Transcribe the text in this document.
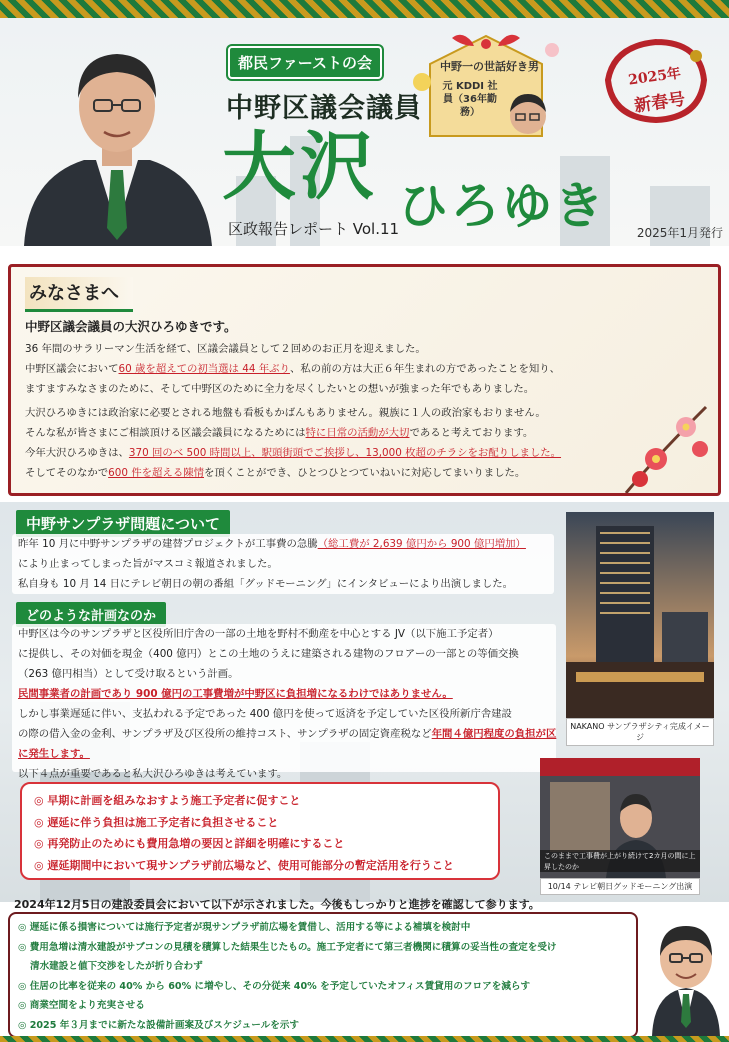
都民ファーストの会
中野区議会議員
大沢 ひろゆき
区政報告レポート Vol.11	2025年1月発行
中野一の世話好き男
元 KDDI 社員（36年勤務）
2025年
新春号
みなさまへ

中野区議会議員の大沢ひろゆきです。

36 年間のサラリーマン生活を経て、区議会議員として２回めのお正月を迎えました。

中野区議会において60 歳を超えての初当選は 44 年ぶり、私の前の方は大正６年生まれの方であったことを知り、

ますますみなさまのために、そして中野区のために全力を尽くしたいとの想いが強まった年でもありました。

大沢ひろゆきには政治家に必要とされる地盤も看板もかばんもありません。親族に１人の政治家もおりません。

そんな私が皆さまにご相談頂ける区議会議員になるためには特に日常の活動が大切であると考えております。

今年大沢ひろゆきは、370 回のべ 500 時間以上、駅頭街頭でご挨拶し、13,000 枚超のチラシをお配りしました。

そしてそのなかで600 件を超える陳情を頂くことができ、ひとつひとつていねいに対応してまいりました。

中野サンプラザ問題について

昨年 10 月に中野サンプラザの建替プロジェクトが工事費の急騰（総工費が 2,639 億円から 900 億円増加）

により止まってしまった旨がマスコミ報道されました。

私自身も 10 月 14 日にテレビ朝日の朝の番組「グッドモーニング」にインタビューにより出演しました。

どのような計画なのか

中野区は今のサンプラザと区役所旧庁舎の一部の土地を野村不動産を中心とする JV（以下施工予定者）

に提供し、その対価を現金（400 億円）とこの土地のうえに建築される建物のフロアーの一部との等価交換

（263 億円相当）として受け取るという計画。

民間事業者の計画であり 900 億円の工事費増が中野区に負担増になるわけではありません。

しかし事業遅延に伴い、支払われる予定であった 400 億円を使って返済を予定していた区役所新庁舎建設

の際の借入金の金利、サンプラザ及び区役所の維持コスト、サンプラザの固定資産税など年間４億円程度の負担が区に発生します。

以下４点が重要であると私大沢ひろゆきは考えています。

NAKANO サンプラザシティ完成イメージ
◎ 早期に計画を組みなおすよう施工予定者に促すこと
◎ 遅延に伴う負担は施工予定者に負担させること
◎ 再発防止のためにも費用急増の要因と詳細を明確にすること
◎ 遅延期間中において現サンプラザ前広場など、使用可能部分の暫定活用を行うこと
このままで工事費が上がり続けて2カ月の間に上昇したのか
10/14 テレビ朝日グッドモーニング出演
2024年12月5日の建設委員会において以下が示されました。今後もしっかりと進捗を確認して参ります。
◎ 遅延に係る損害については施行予定者が現サンプラザ前広場を賃借し、活用する等による補填を検討中
◎ 費用急増は清水建設がサブコンの見積を積算した結果生じたもの。施工予定者にて第三者機関に積算の妥当性の査定を受け
清水建設と値下交渉をしたが折り合わず
◎ 住居の比率を従来の 40% から 60% に増やし、その分従来 40% を予定していたオフィス賃貸用のフロアを減らす
◎ 商業空間をより充実させる
◎ 2025 年３月までに新たな設備計画案及びスケジュールを示す
